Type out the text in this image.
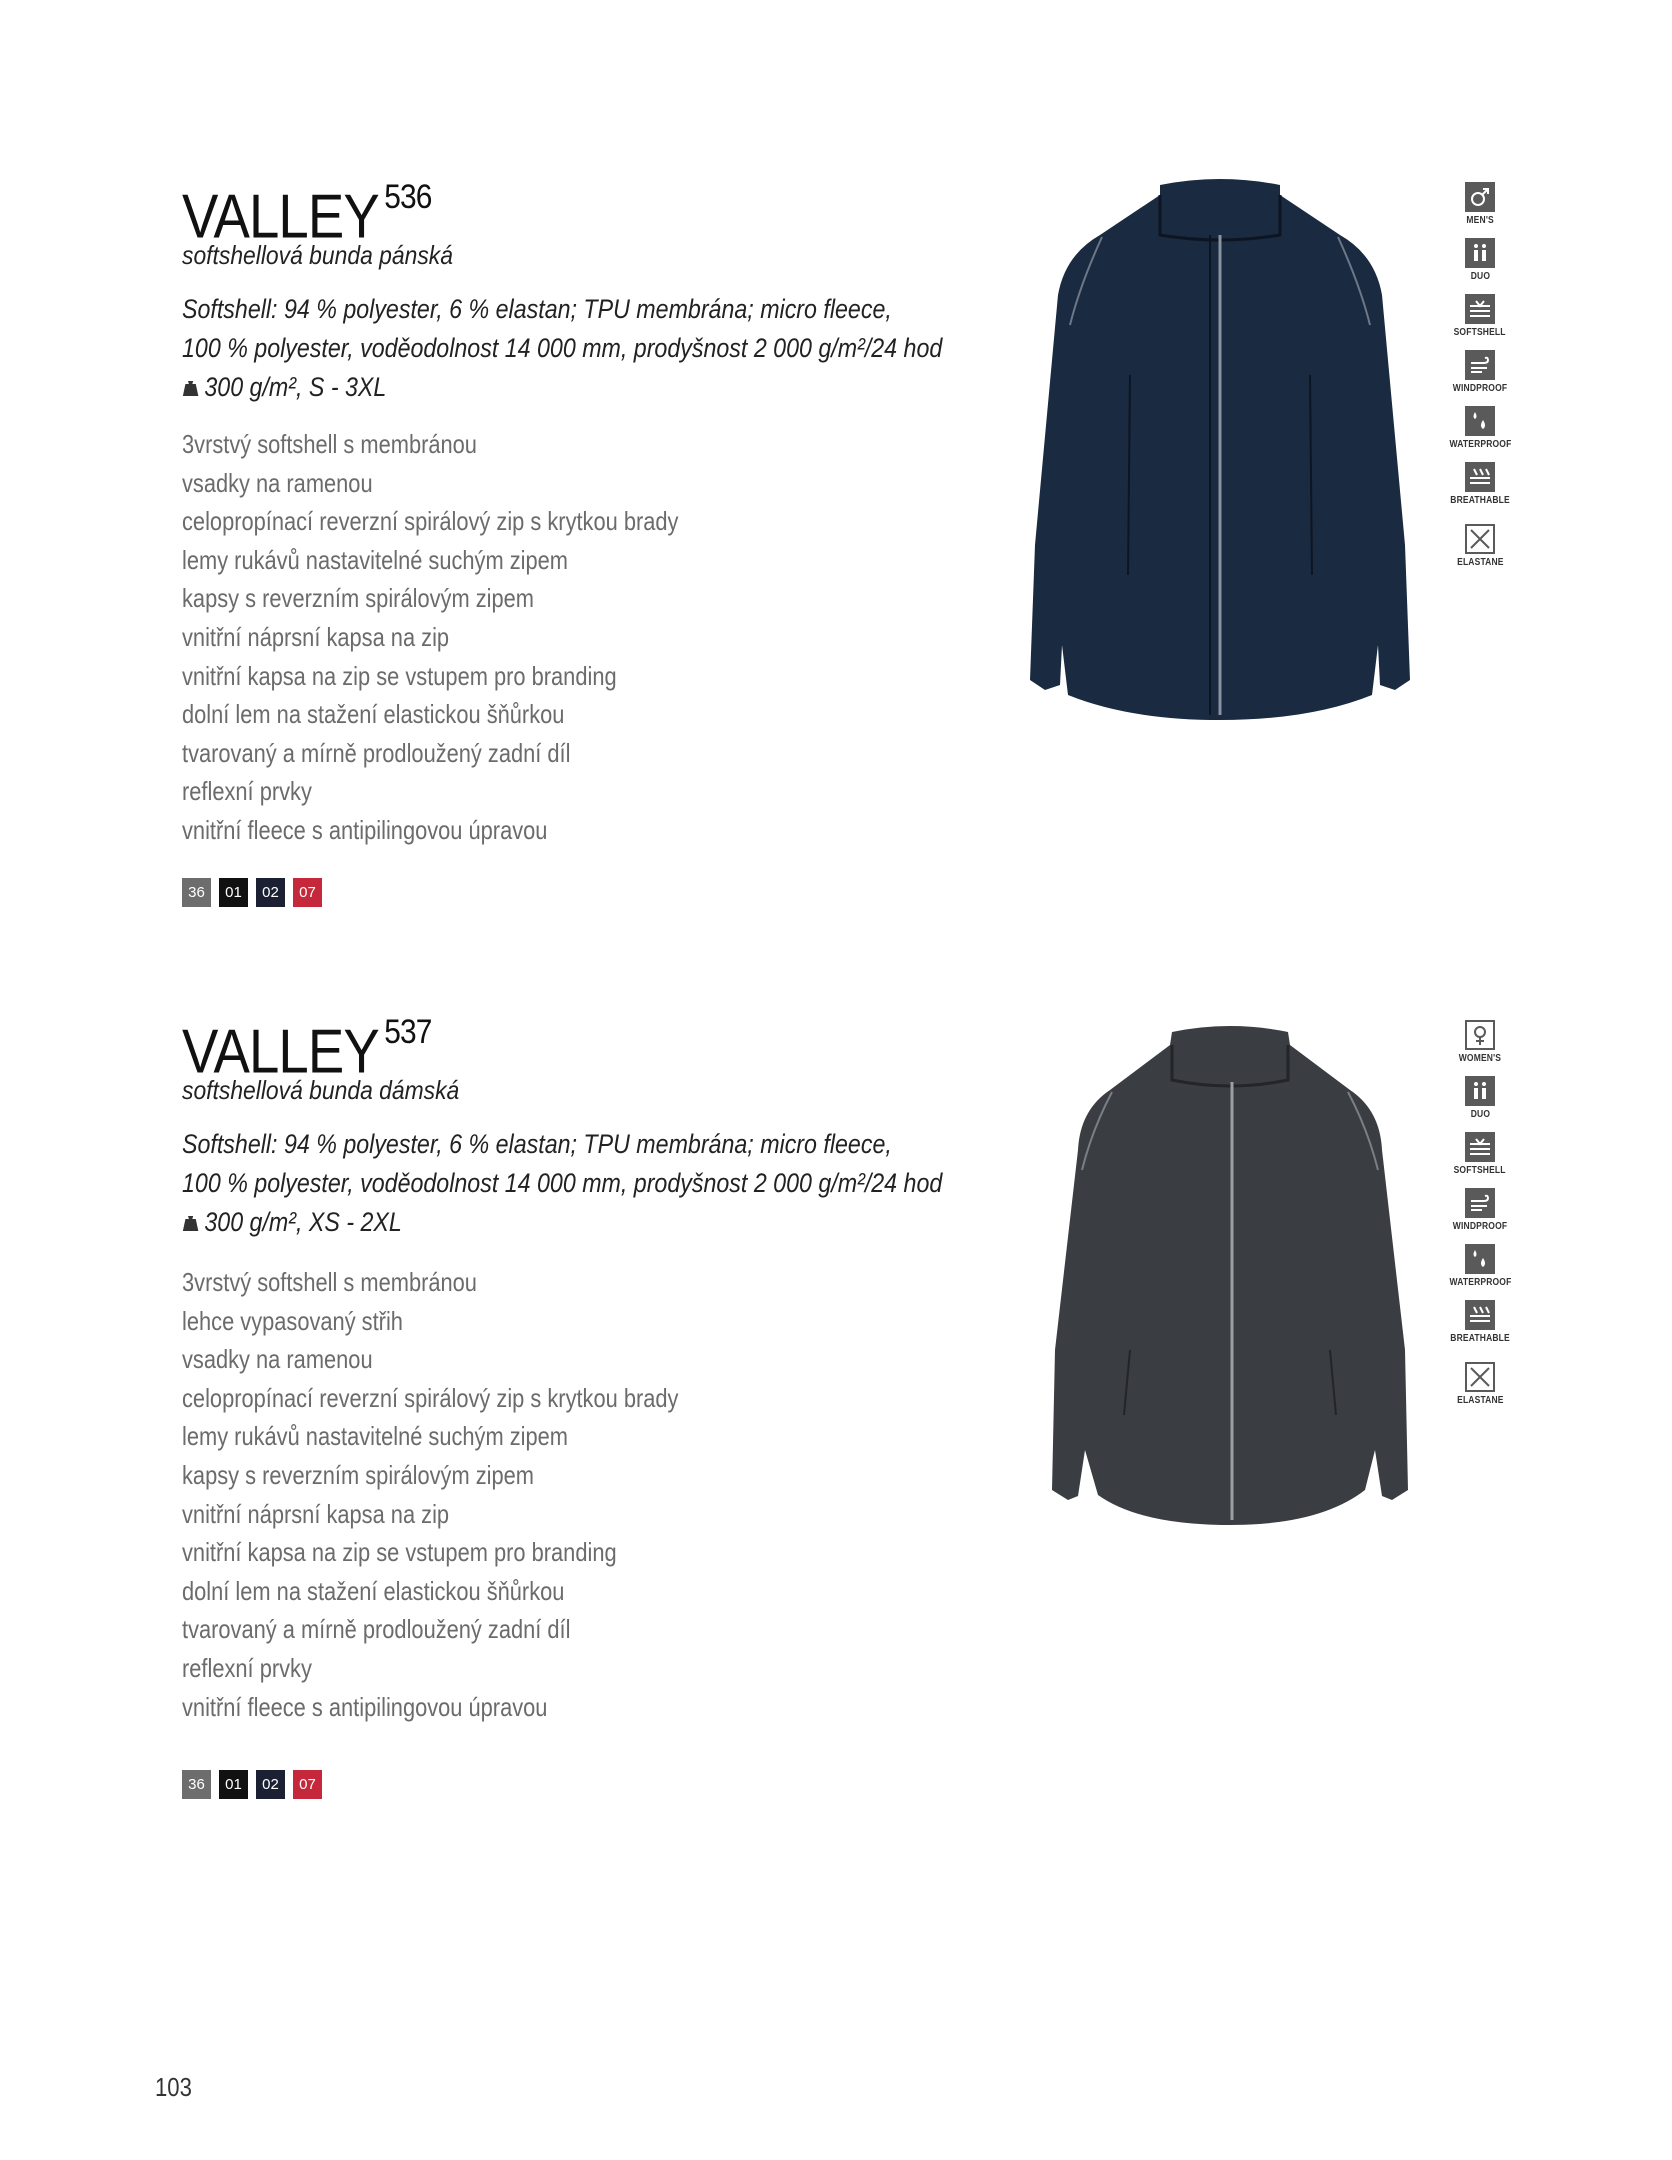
VALLEY $^{536}$
softshellová bunda pánská
Softshell: 94 % polyester, 6 % elastan; TPU membrána; micro fleece,
100 % polyester, voděodolnost 14 000 mm, prodyšnost 2 000 g/m²/24 hod
300 g/m², S - 3XL
3vrstvý softshell s membránou
vsadky na ramenou
celopropínací reverzní spirálový zip s krytkou brady
lemy rukávů nastavitelné suchým zipem
kapsy s reverzním spirálovým zipem
vnitřní náprsní kapsa na zip
vnitřní kapsa na zip se vstupem pro branding
dolní lem na stažení elastickou šňůrkou
tvarovaný a mírně prodloužený zadní díl
reflexní prvky
vnitřní fleece s antipilingovou úpravou
36	01	02	07
MEN'S
DUO
SOFTSHELL
WINDPROOF
WATERPROOF
BREATHABLE
ELASTANE
VALLEY $^{537}$
softshellová bunda dámská
Softshell: 94 % polyester, 6 % elastan; TPU membrána; micro fleece,
100 % polyester, voděodolnost 14 000 mm, prodyšnost 2 000 g/m²/24 hod
300 g/m², XS - 2XL
3vrstvý softshell s membránou
lehce vypasovaný střih
vsadky na ramenou
celopropínací reverzní spirálový zip s krytkou brady
lemy rukávů nastavitelné suchým zipem
kapsy s reverzním spirálovým zipem
vnitřní náprsní kapsa na zip
vnitřní kapsa na zip se vstupem pro branding
dolní lem na stažení elastickou šňůrkou
tvarovaný a mírně prodloužený zadní díl
reflexní prvky
vnitřní fleece s antipilingovou úpravou
36	01	02	07
WOMEN'S
DUO
SOFTSHELL
WINDPROOF
WATERPROOF
BREATHABLE
ELASTANE
103
